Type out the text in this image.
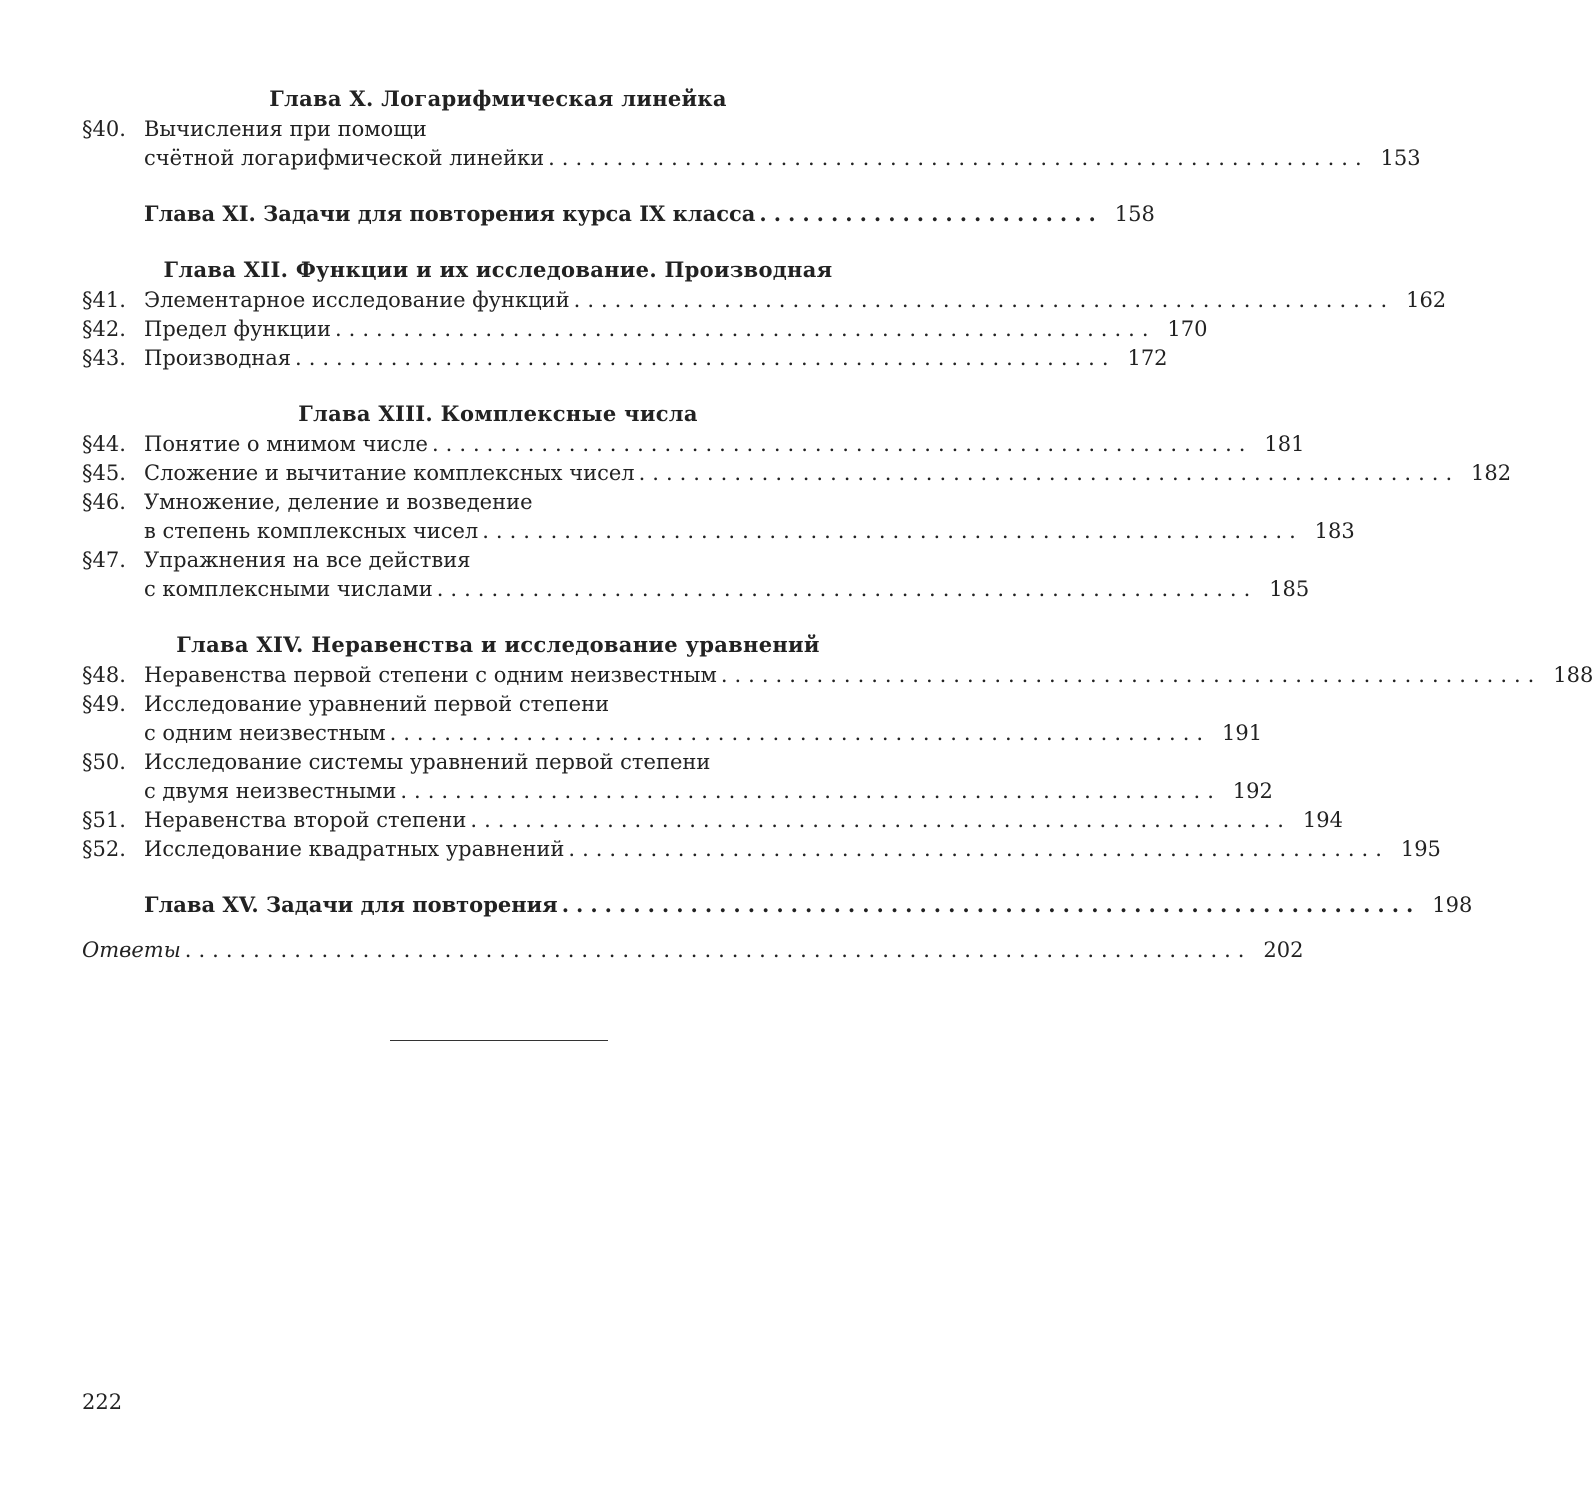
Глава X. Логарифмическая линейка
§40. Вычисления при помощи
счётной логарифмической линейки ............................................................ 153
Глава XI. Задачи для повторения курса IX класса ........................ 158
Глава XII. Функции и их исследование. Производная
§41. Элементарное исследование функций ............................................................ 162
§42. Предел функции ............................................................ 170
§43. Производная ............................................................ 172
Глава XIII. Комплексные числа
§44. Понятие о мнимом числе ............................................................ 181
§45. Сложение и вычитание комплексных чисел ............................................................ 182
§46. Умножение, деление и возведение
в степень комплексных чисел ............................................................ 183
§47. Упражнения на все действия
с комплексными числами ............................................................ 185
Глава XIV. Неравенства и исследование уравнений
§48. Неравенства первой степени с одним неизвестным ............................................................ 188
§49. Исследование уравнений первой степени
с одним неизвестным ............................................................ 191
§50. Исследование системы уравнений первой степени
с двумя неизвестными ............................................................ 192
§51. Неравенства второй степени ............................................................ 194
§52. Исследование квадратных уравнений ............................................................ 195
Глава XV. Задачи для повторения ............................................................ 198
Ответы .............................................................................. 202
222
